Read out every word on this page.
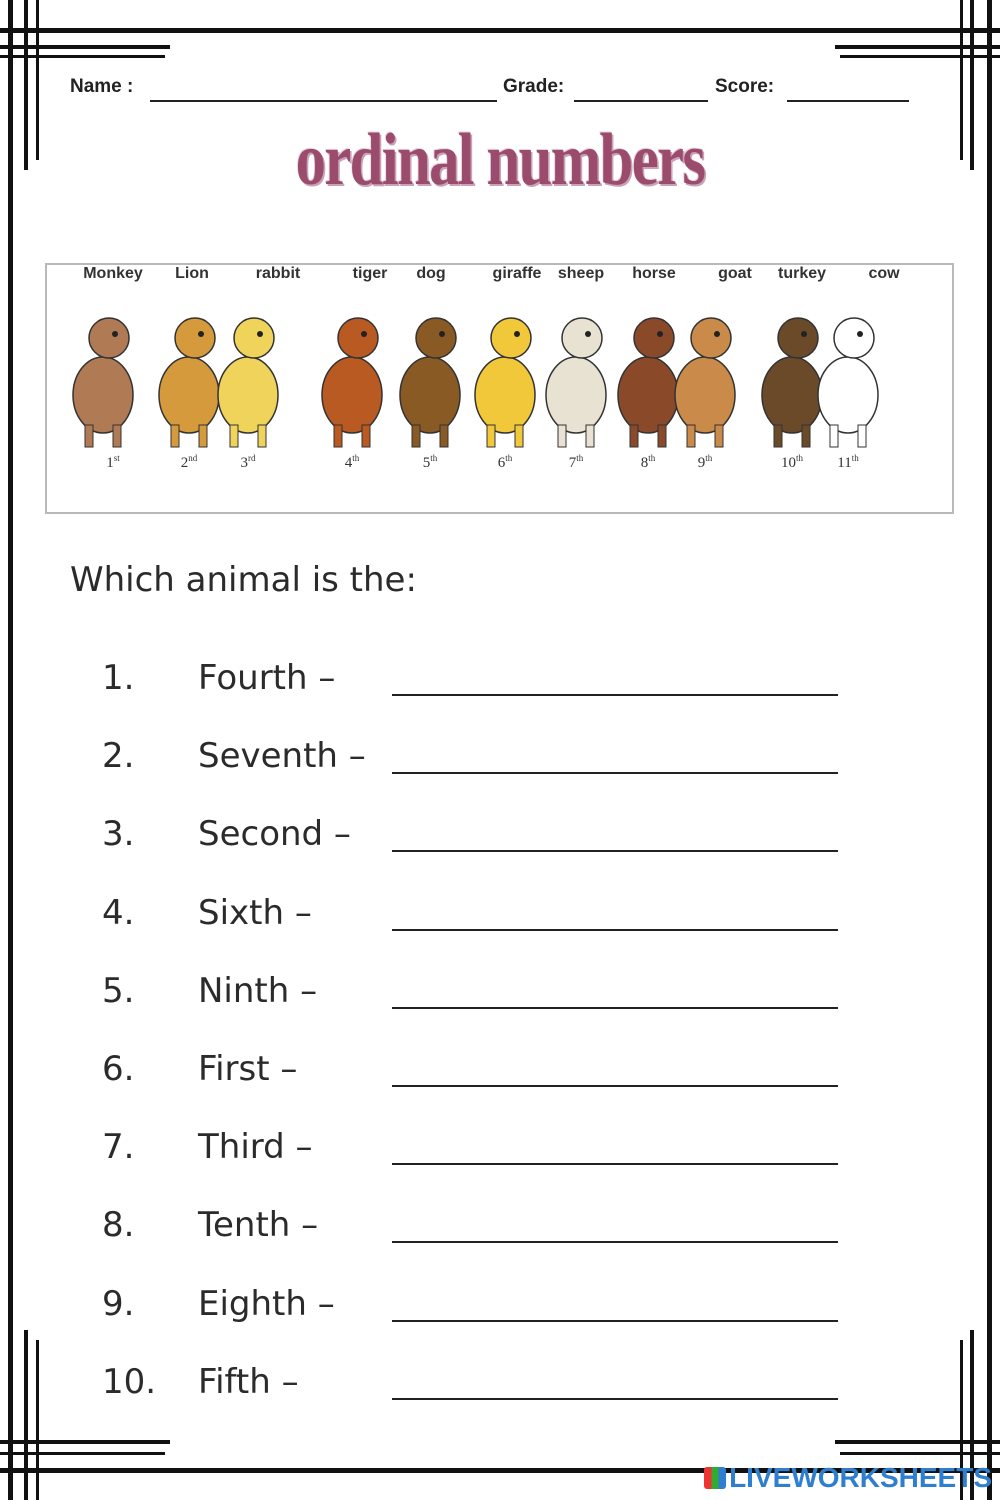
Name :	Grade:	Score:
ordinal numbers
Monkey
1st
Lion
2nd
rabbit
3rd
tiger
4th
dog
5th
giraffe
6th
sheep
7th
horse
8th
goat
9th
turkey
10th
cow
11th
Which animal is the:
1. Fourth –
2. Seventh –
3. Second –
4. Sixth –
5. Ninth –
6. First –
7. Third –
8. Tenth –
9. Eighth –
10. Fifth –
LIVEWORKSHEETS
